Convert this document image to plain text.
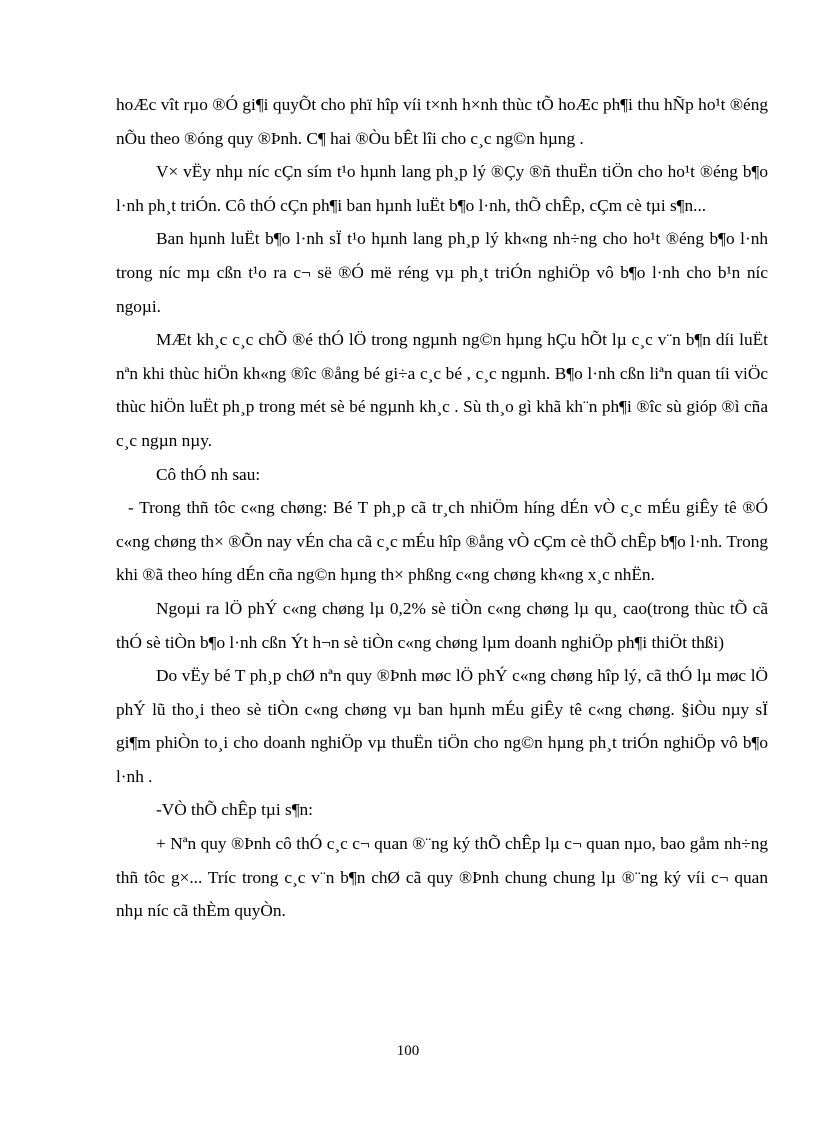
hoÆc vît rµo ®Ó gi¶i quyÕt cho phï hîp víi t×nh h×nh thùc tÕ hoÆc ph¶i thu hÑp ho¹t ®éng nÕu theo ®óng quy ®Þnh. C¶ hai ®Òu bÊt lîi cho c¸c ng©n hµng .

V× vËy nhµ níc cÇn sím t¹o hµnh lang ph¸p lý ®Çy ®ñ thuËn tiÖn cho ho¹t ®éng b¶o l·nh ph¸t triÓn. Cô thÓ cÇn ph¶i ban hµnh luËt b¶o l·nh, thÕ chÊp, cÇm cè tµi s¶n...

Ban hµnh luËt b¶o l·nh sÏ t¹o hµnh lang ph¸p lý kh«ng nh÷ng cho ho¹t ®éng b¶o l·nh trong níc mµ cßn t¹o ra c¬ së ®Ó më réng vµ ph¸t triÓn nghiÖp vô b¶o l·nh cho b¹n níc ngoµi.

MÆt kh¸c c¸c chÕ ®é thÓ lÖ trong ngµnh ng©n hµng hÇu hÕt lµ c¸c v¨n b¶n díi luËt nªn khi thùc hiÖn kh«ng ®îc ®ång bé gi÷a c¸c bé , c¸c ngµnh. B¶o l·nh cßn liªn quan tíi viÖc thùc hiÖn luËt ph¸p trong mét sè bé ngµnh kh¸c . Sù th¸o gì khã kh¨n ph¶i ®îc sù gióp ®ì cña c¸c ngµn nµy.

Cô thÓ nh sau:

- Trong thñ tôc c«ng chøng: Bé T ph¸p cã tr¸ch nhiÖm híng dÉn vÒ c¸c mÉu giÊy tê ®Ó c«ng chøng th× ®Õn nay vÉn cha cã c¸c mÉu hîp ®ång vÒ cÇm cè thÕ chÊp b¶o l·nh. Trong khi ®ã theo híng dÉn cña ng©n hµng th× phßng c«ng chøng kh«ng x¸c nhËn.

Ngoµi ra lÖ phÝ c«ng chøng lµ 0,2% sè tiÒn c«ng chøng lµ qu¸ cao(trong thùc tÕ cã thÓ sè tiÒn b¶o l·nh cßn Ýt h¬n sè tiÒn c«ng chøng lµm doanh nghiÖp ph¶i thiÖt thßi)

Do vËy bé T ph¸p chØ nªn quy ®Þnh møc lÖ phÝ c«ng chøng hîp lý, cã thÓ lµ møc lÖ phÝ lũ tho¸i theo sè tiÒn c«ng chøng vµ ban hµnh mÉu giÊy tê c«ng chøng. §iÒu nµy sÏ gi¶m phiÒn to¸i cho doanh nghiÖp vµ thuËn tiÖn cho ng©n hµng ph¸t triÓn nghiÖp vô b¶o l·nh .

-VÒ thÕ chÊp tµi s¶n:

+ Nªn quy ®Þnh cô thÓ c¸c c¬ quan ®¨ng ký thÕ chÊp lµ c¬ quan nµo, bao gåm nh÷ng thñ tôc g×... Tríc trong c¸c v¨n b¶n chØ cã quy ®Þnh chung chung lµ ®¨ng ký víi c¬ quan nhµ níc cã thÈm quyÒn.

100
